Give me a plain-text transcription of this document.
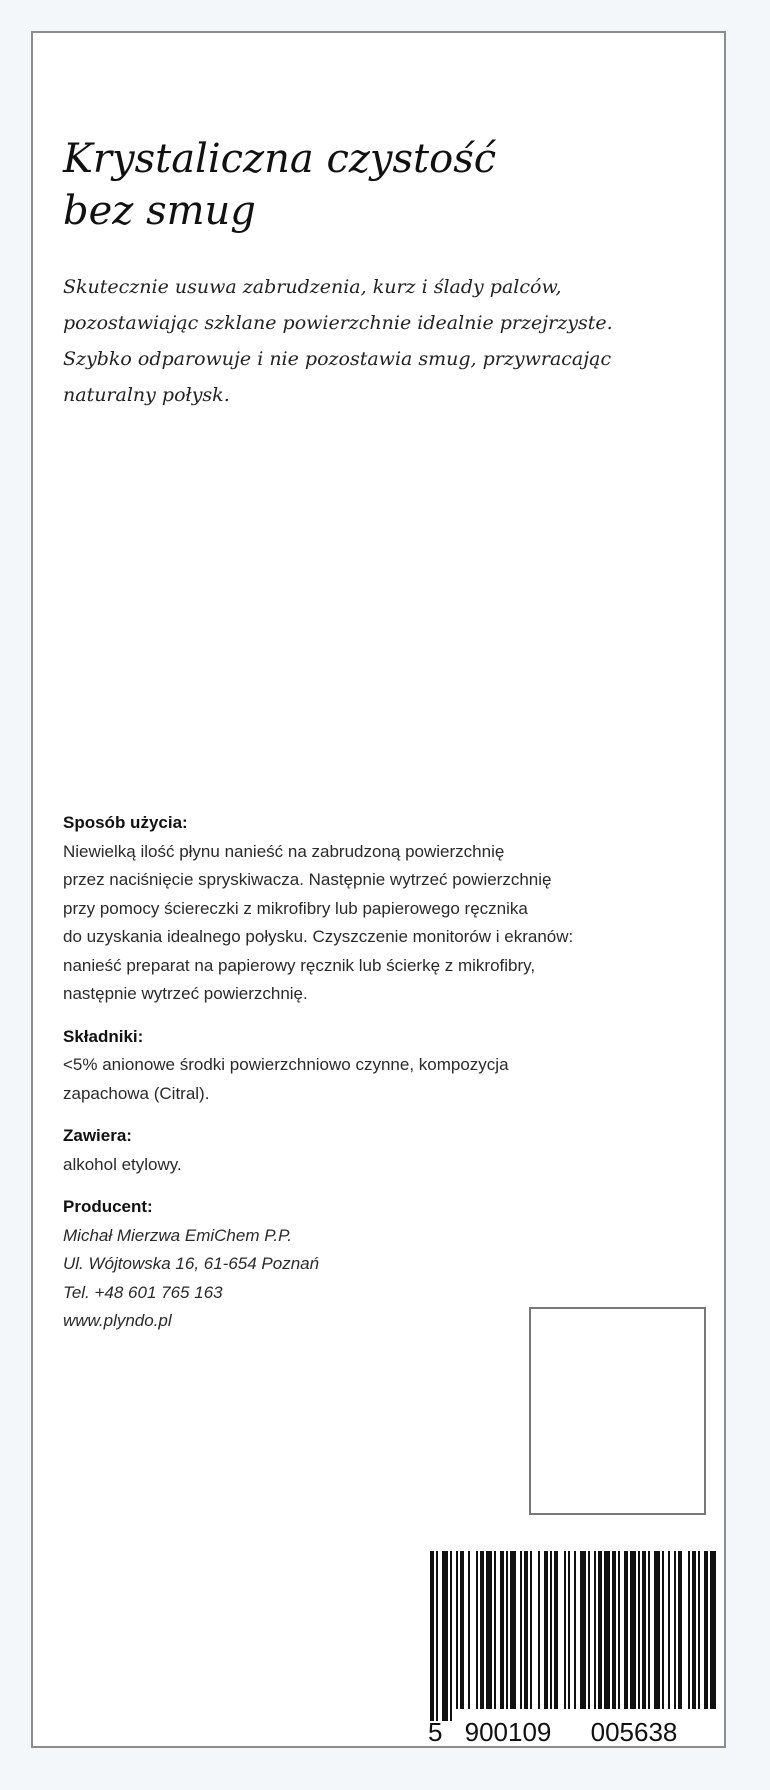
Krystaliczna czystość
bez smug

Skutecznie usuwa zabrudzenia, kurz i ślady palców,
pozostawiając szklane powierzchnie idealnie przejrzyste.
Szybko odparowuje i nie pozostawia smug, przywracając
naturalny połysk.

Sposób użycia:

Niewielką ilość płynu nanieść na zabrudzoną powierzchnię
przez naciśnięcie spryskiwacza. Następnie wytrzeć powierzchnię
przy pomocy ściereczki z mikrofibry lub papierowego ręcznika
do uzyskania idealnego połysku. Czyszczenie monitorów i ekranów:
nanieść preparat na papierowy ręcznik lub ścierkę z mikrofibry,
następnie wytrzeć powierzchnię.

Składniki:

<5% anionowe środki powierzchniowo czynne, kompozycja
zapachowa (Citral).

Zawiera:

alkohol etylowy.

Producent:

Michał Mierzwa EmiChem P.P.
Ul. Wójtowska 16, 61-654 Poznań
Tel. +48 601 765 163
www.plyndo.pl

5 900109 005638
